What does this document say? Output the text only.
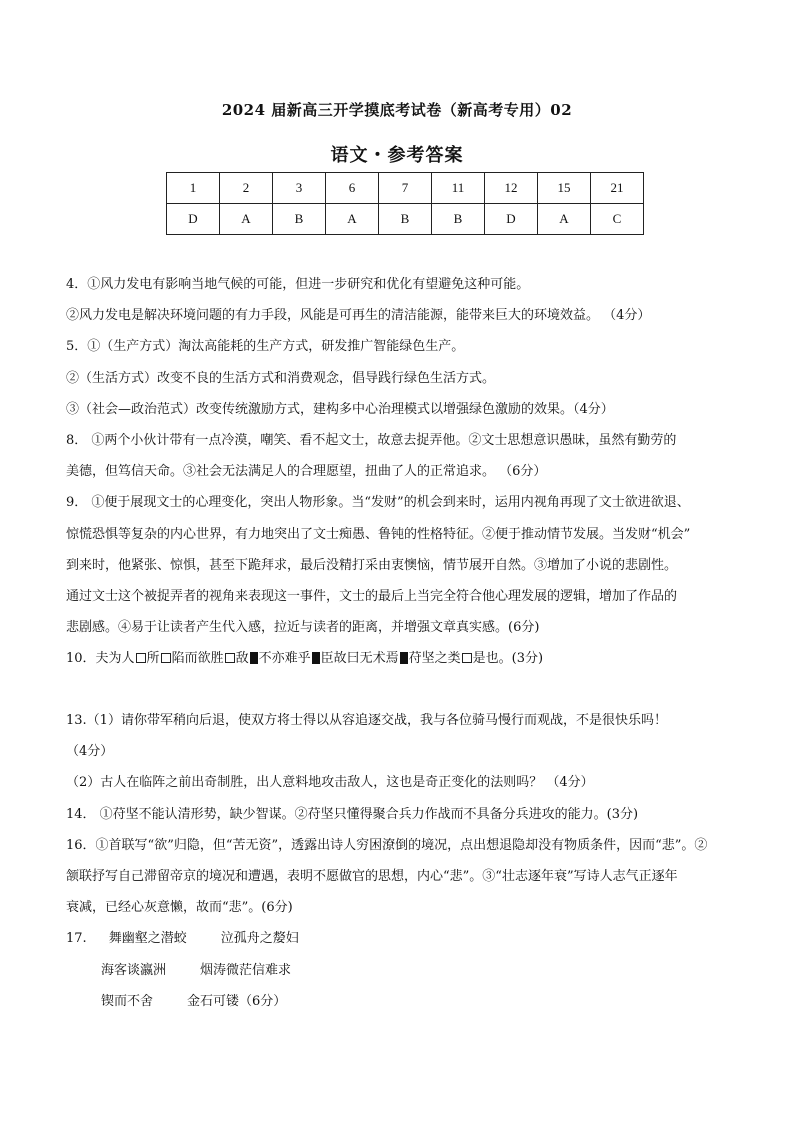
2024 届新高三开学摸底考试卷（新高考专用）02
语文・参考答案
1	2	3	6	7	11	12	15	21
D	A	B	A	B	B	D	A	C
4．①风力发电有影响当地气候的可能，但进一步研究和优化有望避免这种可能。
②风力发电是解决环境问题的有力手段，风能是可再生的清洁能源，能带来巨大的环境效益。 （4分）
5．①（生产方式）淘汰高能耗的生产方式，研发推广智能绿色生产。
②（生活方式）改变不良的生活方式和消费观念，倡导践行绿色生活方式。
③（社会—政治范式）改变传统激励方式，建构多中心治理模式以增强绿色激励的效果。（4分）
8． ①两个小伙计带有一点冷漠，嘲笑、看不起文士，故意去捉弄他。②文士思想意识愚昧，虽然有勤劳的
美德，但笃信天命。③社会无法满足人的合理愿望，扭曲了人的正常追求。 （6分）
9． ①便于展现文士的心理变化，突出人物形象。当“发财”的机会到来时，运用内视角再现了文士欲进欲退、
惊慌恐惧等复杂的内心世界，有力地突出了文士痴愚、鲁钝的性格特征。②便于推动情节发展。当发财“机会”
到来时，他紧张、惊惧，甚至下跪拜求，最后没精打采由衷懊恼，情节展开自然。③增加了小说的悲剧性。
通过文士这个被捉弄者的视角来表现这一事件，文士的最后上当完全符合他心理发展的逻辑，增加了作品的
悲剧感。④易于让读者产生代入感，拉近与读者的距离，并增强文章真实感。(6分)
10．夫为人 所 陷而欲胜 敌 不亦难乎 臣故曰无术焉 苻坚之类 是也。(3分)
13.（1）请你带军稍向后退，使双方将士得以从容追逐交战，我与各位骑马慢行而观战，不是很快乐吗！
（4分）
（2）古人在临阵之前出奇制胜，出人意料地攻击敌人，这也是奇正变化的法则吗？ （4分）
14． ①苻坚不能认清形势，缺少智谋。②苻坚只懂得聚合兵力作战而不具备分兵进攻的能力。(3分)
16．①首联写“欲”归隐，但“苦无资”，透露出诗人穷困潦倒的境况，点出想退隐却没有物质条件，因而“悲”。②
颔联抒写自己滞留帝京的境况和遭遇，表明不愿做官的思想，内心“悲”。③“壮志逐年衰”写诗人志气正逐年
衰减，已经心灰意懒，故而“悲”。(6分)
17. 舞幽壑之潜蛟	泣孤舟之嫠妇
海客谈瀛洲	烟涛微茫信难求
锲而不舍	金石可镂（6分）
